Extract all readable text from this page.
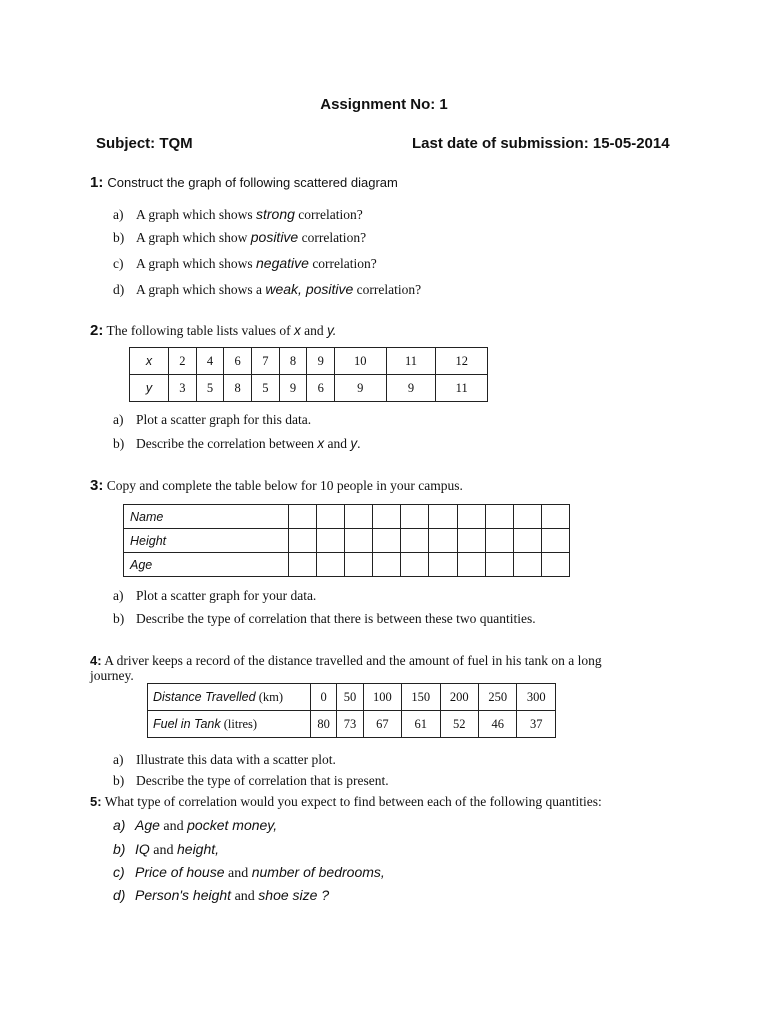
Assignment No: 1
Subject: TQM	Last date of submission: 15-05-2014
1: Construct the graph of following scattered diagram
a) A graph which shows strong correlation?
b) A graph which show positive correlation?
c) A graph which shows negative correlation?
d) A graph which shows a weak, positive correlation?
2: The following table lists values of x and y.
x	2	4	6	7	8	9	10	11	12
y	3	5	8	5	9	6	9	9	11
a) Plot a scatter graph for this data.
b) Describe the correlation between x and y.
3: Copy and complete the table below for 10 people in your campus.
Name										
Height										
Age										
a) Plot a scatter graph for your data.
b) Describe the type of correlation that there is between these two quantities.
4: A driver keeps a record of the distance travelled and the amount of fuel in his tank on a long
journey.
Distance Travelled (km)	0	50	100	150	200	250	300
Fuel in Tank (litres)	80	73	67	61	52	46	37
a) Illustrate this data with a scatter plot.
b) Describe the type of correlation that is present.
5: What type of correlation would you expect to find between each of the following quantities:
a) Age and pocket money,
b) IQ and height,
c) Price of house and number of bedrooms,
d) Person's height and shoe size ?
